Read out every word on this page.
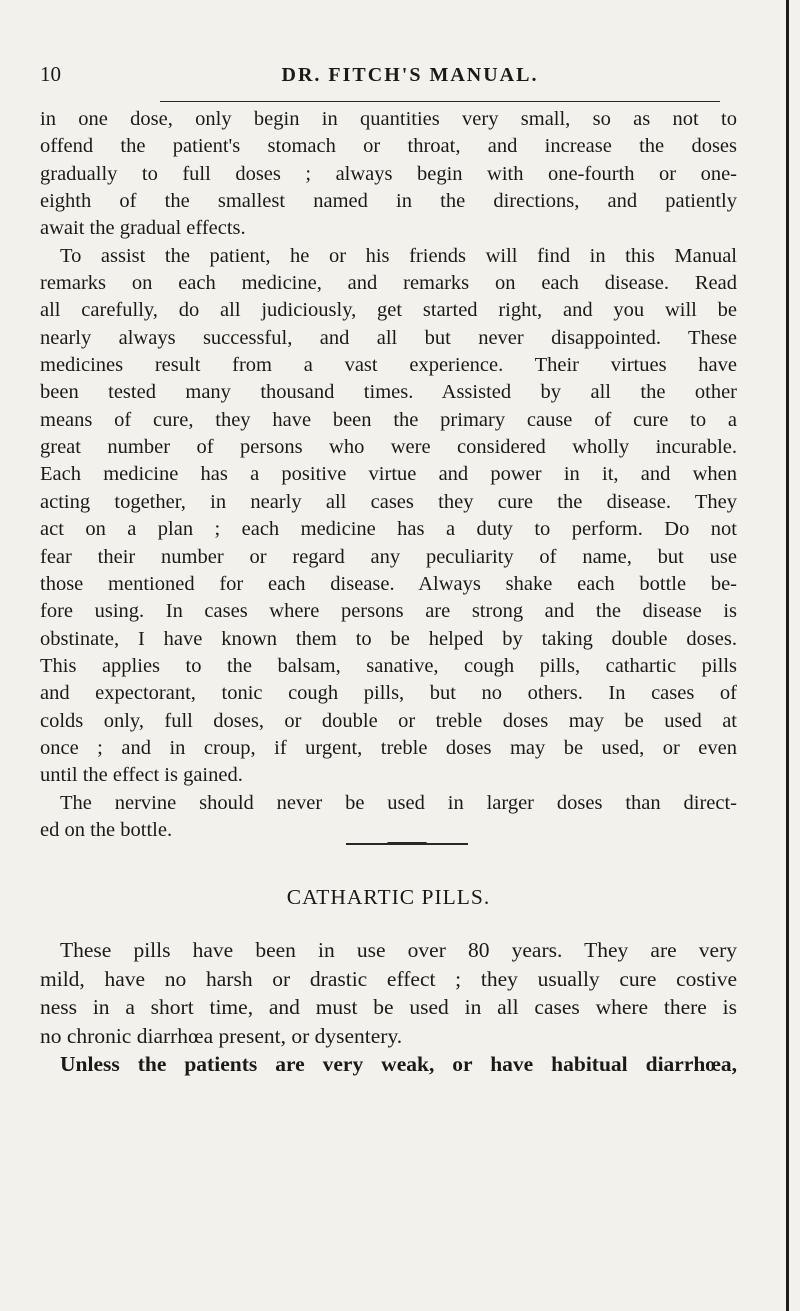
10	DR. FITCH'S MANUAL.
in one dose, only begin in quantities very small, so as not to
offend the patient's stomach or throat, and increase the doses
gradually to full doses ; always begin with one-fourth or one-
eighth of the smallest named in the directions, and patiently
await the gradual effects.
To assist the patient, he or his friends will find in this Manual
remarks on each medicine, and remarks on each disease. Read
all carefully, do all judiciously, get started right, and you will be
nearly always successful, and all but never disappointed. These
medicines result from a vast experience. Their virtues have
been tested many thousand times. Assisted by all the other
means of cure, they have been the primary cause of cure to a
great number of persons who were considered wholly incurable.
Each medicine has a positive virtue and power in it, and when
acting together, in nearly all cases they cure the disease. They
act on a plan ; each medicine has a duty to perform. Do not
fear their number or regard any peculiarity of name, but use
those mentioned for each disease. Always shake each bottle be-
fore using. In cases where persons are strong and the disease is
obstinate, I have known them to be helped by taking double doses.
This applies to the balsam, sanative, cough pills, cathartic pills
and expectorant, tonic cough pills, but no others. In cases of
colds only, full doses, or double or treble doses may be used at
once ; and in croup, if urgent, treble doses may be used, or even
until the effect is gained.
The nervine should never be used in larger doses than direct-
ed on the bottle.
CATHARTIC PILLS.
These pills have been in use over 80 years. They are very
mild, have no harsh or drastic effect ; they usually cure costive
ness in a short time, and must be used in all cases where there is
no chronic diarrhœa present, or dysentery.
Unless the patients are very weak, or have habitual diarrhœa,
